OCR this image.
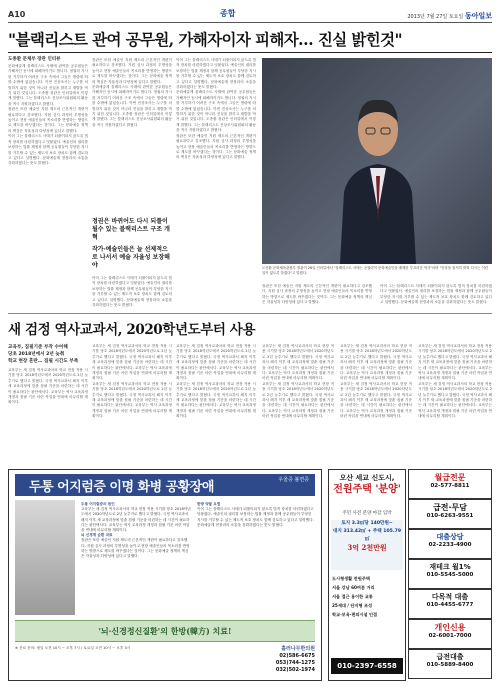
A10	종합	2013년 7월 27일 토요일 동아일보
"블랙리스트 관여 공무원, 가해자이자 피해자… 진실 밝힌것"
도종환 문체부 장관 인터뷰

문화예술계 블랙리스트 사태에 관여한 공무원들은 가해자인 동시에 피해자이기도 합니다. 정권의 지시를 거부하기 어려운 구조 속에서 그들은 명령에 따를 수밖에 없었습니다. 이번 진상조사는 누구를 처벌하기 위한 것이 아니라 진실을 밝히고 재발을 막기 위한 것입니다. 도종환 장관은 인터뷰에서 이렇게 말했다. 그는 블랙리스트 진상조사위원회의 활동을 적극 지원하겠다고 밝혔다.

장관은 또한 예술인 지원 제도의 근본적인 개편이 필요하다고 강조했다. 지원 심사 과정의 투명성을 높이고 현장 예술인들의 목소리를 반영하는 방향으로 제도를 바꾸겠다는 것이다. 그는 문화예술 정책의 핵심은 자율성과 다양성에 있다고 말했다.

이어 그는 블랙리스트 사태가 되풀이되지 않도록 법적 장치를 마련하겠다고 덧붙였다. 예술인의 권리를 보장하는 법률 제정과 함께 공무원들이 부당한 지시를 거부할 수 있는 제도적 보호 장치도 함께 검토하고 있다고 설명했다. 문화예술계 현장과의 소통을 강화하겠다는 뜻도 밝혔다.

장관은 또한 예술인 지원 제도의 근본적인 개편이 필요하다고 강조했다. 지원 심사 과정의 투명성을 높이고 현장 예술인들의 목소리를 반영하는 방향으로 제도를 바꾸겠다는 것이다. 그는 문화예술 정책의 핵심은 자율성과 다양성에 있다고 말했다.

문화예술계 블랙리스트 사태에 관여한 공무원들은 가해자인 동시에 피해자이기도 합니다. 정권의 지시를 거부하기 어려운 구조 속에서 그들은 명령에 따를 수밖에 없었습니다. 이번 진상조사는 누구를 처벌하기 위한 것이 아니라 진실을 밝히고 재발을 막기 위한 것입니다. 도종환 장관은 인터뷰에서 이렇게 말했다. 그는 블랙리스트 진상조사위원회의 활동을 적극 지원하겠다고 밝혔다.

정권은 바뀌어도 다시 되풀이될수 있는 블랙리스트 구조 개혁
작가·예술인들은 늘 선제적으로 나서서 예술 자율성 보장해야

이어 그는 블랙리스트 사태가 되풀이되지 않도록 법적 장치를 마련하겠다고 덧붙였다. 예술인의 권리를 보장하는 법률 제정과 함께 공무원들이 부당한 지시를 거부할 수 있는 제도적 보호 장치도 함께 검토하고 있다고 설명했다. 문화예술계 현장과의 소통을 강화하겠다는 뜻도 밝혔다.

이어 그는 블랙리스트 사태가 되풀이되지 않도록 법적 장치를 마련하겠다고 덧붙였다. 예술인의 권리를 보장하는 법률 제정과 함께 공무원들이 부당한 지시를 거부할 수 있는 제도적 보호 장치도 함께 검토하고 있다고 설명했다. 문화예술계 현장과의 소통을 강화하겠다는 뜻도 밝혔다.

문화예술계 블랙리스트 사태에 관여한 공무원들은 가해자인 동시에 피해자이기도 합니다. 정권의 지시를 거부하기 어려운 구조 속에서 그들은 명령에 따를 수밖에 없었습니다. 이번 진상조사는 누구를 처벌하기 위한 것이 아니라 진실을 밝히고 재발을 막기 위한 것입니다. 도종환 장관은 인터뷰에서 이렇게 말했다. 그는 블랙리스트 진상조사위원회의 활동을 적극 지원하겠다고 밝혔다.

장관은 또한 예술인 지원 제도의 근본적인 개편이 필요하다고 강조했다. 지원 심사 과정의 투명성을 높이고 현장 예술인들의 목소리를 반영하는 방향으로 제도를 바꾸겠다는 것이다. 그는 문화예술 정책의 핵심은 자율성과 다양성에 있다고 말했다.

도종환 문화체육관광부 장관이 26일 인터뷰에서 "블랙리스트 사태는 공권력이 문화예술인을 배제한 부끄러운 역사"라며 "진상을 철저히 밝혀 다시는 이런 일이 없도록 하겠다"고 말했다.

장관은 또한 예술인 지원 제도의 근본적인 개편이 필요하다고 강조했다. 지원 심사 과정의 투명성을 높이고 현장 예술인들의 목소리를 반영하는 방향으로 제도를 바꾸겠다는 것이다. 그는 문화예술 정책의 핵심은 자율성과 다양성에 있다고 말했다.

이어 그는 블랙리스트 사태가 되풀이되지 않도록 법적 장치를 마련하겠다고 덧붙였다. 예술인의 권리를 보장하는 법률 제정과 함께 공무원들이 부당한 지시를 거부할 수 있는 제도적 보호 장치도 함께 검토하고 있다고 설명했다. 문화예술계 현장과의 소통을 강화하겠다는 뜻도 밝혔다.

새 검정 역사교과서, 2020학년도부터 사용
교육부, 집필기준 부작 수어해
당초 2018년에서 2년 늦춰
학교 현장 혼란… 집필 시간도 부족

교육부는 새 검정 역사교과서의 학교 현장 적용 시기를 당초 2018학년도에서 2020학년도로 2년 늦추기로 했다고 밝혔다. 국정 역사교과서 폐지 이후 새 교육과정에 맞춘 집필 기준을 마련하는 데 시간이 필요하다는 판단에서다. 교육부는 역사 교육과정 개정과 집필 기준 마련 작업을 연내에 마무리할 계획이다.

교육부는 새 검정 역사교과서의 학교 현장 적용 시기를 당초 2018학년도에서 2020학년도로 2년 늦추기로 했다고 밝혔다. 국정 역사교과서 폐지 이후 새 교육과정에 맞춘 집필 기준을 마련하는 데 시간이 필요하다는 판단에서다. 교육부는 역사 교육과정 개정과 집필 기준 마련 작업을 연내에 마무리할 계획이다.

교육부는 새 검정 역사교과서의 학교 현장 적용 시기를 당초 2018학년도에서 2020학년도로 2년 늦추기로 했다고 밝혔다. 국정 역사교과서 폐지 이후 새 교육과정에 맞춘 집필 기준을 마련하는 데 시간이 필요하다는 판단에서다. 교육부는 역사 교육과정 개정과 집필 기준 마련 작업을 연내에 마무리할 계획이다.

교육부는 새 검정 역사교과서의 학교 현장 적용 시기를 당초 2018학년도에서 2020학년도로 2년 늦추기로 했다고 밝혔다. 국정 역사교과서 폐지 이후 새 교육과정에 맞춘 집필 기준을 마련하는 데 시간이 필요하다는 판단에서다. 교육부는 역사 교육과정 개정과 집필 기준 마련 작업을 연내에 마무리할 계획이다.

교육부는 새 검정 역사교과서의 학교 현장 적용 시기를 당초 2018학년도에서 2020학년도로 2년 늦추기로 했다고 밝혔다. 국정 역사교과서 폐지 이후 새 교육과정에 맞춘 집필 기준을 마련하는 데 시간이 필요하다는 판단에서다. 교육부는 역사 교육과정 개정과 집필 기준 마련 작업을 연내에 마무리할 계획이다.

교육부는 새 검정 역사교과서의 학교 현장 적용 시기를 당초 2018학년도에서 2020학년도로 2년 늦추기로 했다고 밝혔다. 국정 역사교과서 폐지 이후 새 교육과정에 맞춘 집필 기준을 마련하는 데 시간이 필요하다는 판단에서다. 교육부는 역사 교육과정 개정과 집필 기준 마련 작업을 연내에 마무리할 계획이다.

교육부는 새 검정 역사교과서의 학교 현장 적용 시기를 당초 2018학년도에서 2020학년도로 2년 늦추기로 했다고 밝혔다. 국정 역사교과서 폐지 이후 새 교육과정에 맞춘 집필 기준을 마련하는 데 시간이 필요하다는 판단에서다. 교육부는 역사 교육과정 개정과 집필 기준 마련 작업을 연내에 마무리할 계획이다.

교육부는 새 검정 역사교과서의 학교 현장 적용 시기를 당초 2018학년도에서 2020학년도로 2년 늦추기로 했다고 밝혔다. 국정 역사교과서 폐지 이후 새 교육과정에 맞춘 집필 기준을 마련하는 데 시간이 필요하다는 판단에서다. 교육부는 역사 교육과정 개정과 집필 기준 마련 작업을 연내에 마무리할 계획이다.

교육부는 새 검정 역사교과서의 학교 현장 적용 시기를 당초 2018학년도에서 2020학년도로 2년 늦추기로 했다고 밝혔다. 국정 역사교과서 폐지 이후 새 교육과정에 맞춘 집필 기준을 마련하는 데 시간이 필요하다는 판단에서다. 교육부는 역사 교육과정 개정과 집필 기준 마련 작업을 연내에 마무리할 계획이다.

교육부는 새 검정 역사교과서의 학교 현장 적용 시기를 당초 2018학년도에서 2020학년도로 2년 늦추기로 했다고 밝혔다. 국정 역사교과서 폐지 이후 새 교육과정에 맞춘 집필 기준을 마련하는 데 시간이 필요하다는 판단에서다. 교육부는 역사 교육과정 개정과 집필 기준 마련 작업을 연내에 마무리할 계획이다.

교육부는 새 검정 역사교과서의 학교 현장 적용 시기를 당초 2018학년도에서 2020학년도로 2년 늦추기로 했다고 밝혔다. 국정 역사교과서 폐지 이후 새 교육과정에 맞춘 집필 기준을 마련하는 데 시간이 필요하다는 판단에서다. 교육부는 역사 교육과정 개정과 집필 기준 마련 작업을 연내에 마무리할 계획이다.

두통 어지럼증 이명 화병 공황장애	우울증 불면증
두통 어지럼증의 원인
교육부는 새 검정 역사교과서의 학교 현장 적용 시기를 당초 2018학년도에서 2020학년도로 2년 늦추기로 했다고 밝혔다. 국정 역사교과서 폐지 이후 새 교육과정에 맞춘 집필 기준을 마련하는 데 시간이 필요하다는 판단에서다. 교육부는 역사 교육과정 개정과 집필 기준 마련 작업을 연내에 마무리할 계획이다.
뇌 신경계 순환 치료
장관은 또한 예술인 지원 제도의 근본적인 개편이 필요하다고 강조했다. 지원 심사 과정의 투명성을 높이고 현장 예술인들의 목소리를 반영하는 방향으로 제도를 바꾸겠다는 것이다. 그는 문화예술 정책의 핵심은 자율성과 다양성에 있다고 말했다.
한방 약물 요법
이어 그는 블랙리스트 사태가 되풀이되지 않도록 법적 장치를 마련하겠다고 덧붙였다. 예술인의 권리를 보장하는 법률 제정과 함께 공무원들이 부당한 지시를 거부할 수 있는 제도적 보호 장치도 함께 검토하고 있다고 설명했다. 문화예술계 현장과의 소통을 강화하겠다는 뜻도 밝혔다.
'뇌·신경정신질환'의 한방(韓方) 치료!
※ 진료 문의: 평일 오전 10시 ~ 오후 7시 / 토요일 오전 10시 ~ 오후 3시	흘러나무한의원
02)586-6675
053)744-1275
032)502-1974
오산 세교 신도시,
전원주택 '분양'
주민 사전 분양 마감 임박
토지 3.3㎡당 140만원~
대지 313.42㎡ + 주택 105.79㎡
3억 2천만원
도시형생활 전원주택
서울 강남 60여분 거리
서울 접근 용이한 교통
25세대 / 단지형 조성
학교·보육·편의시설 인접
010-2397-6558
월급전문
02-577-8811
급전·무담
010-6263-9551
대출상담
02-2233-4900
재테크 월1%
010-5545-5000
다목적 대출
010-4455-6777
개인신용
02-6001-7000
급전대출
010-5889-8400
